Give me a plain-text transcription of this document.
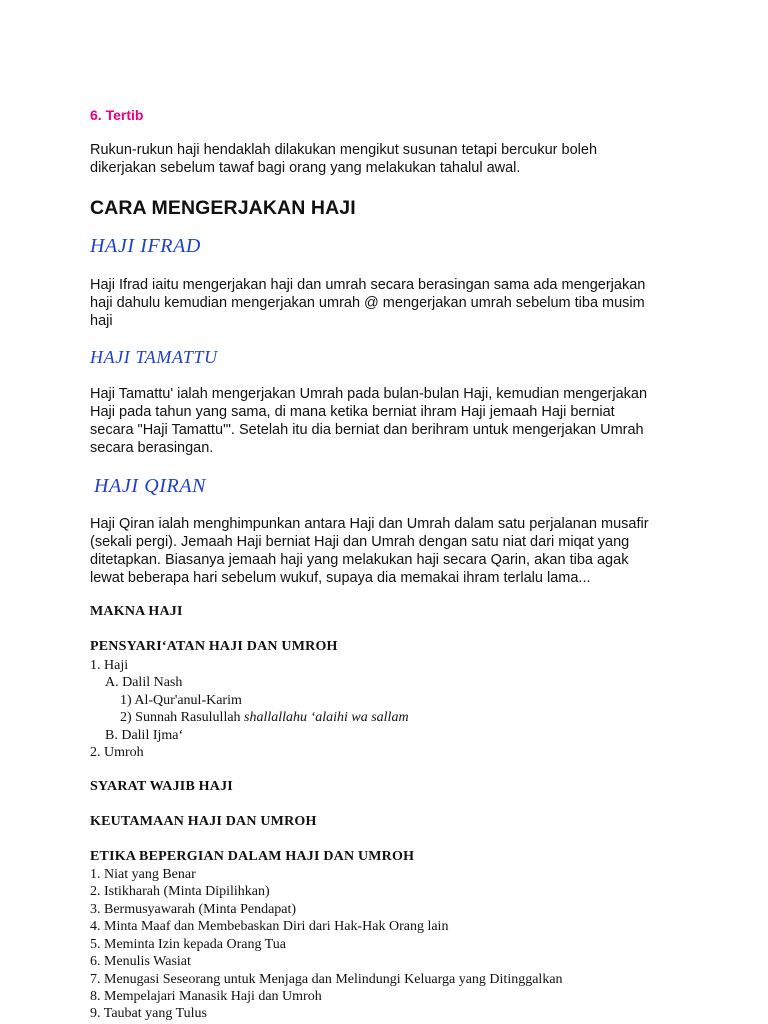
6. Tertib
Rukun-rukun haji hendaklah dilakukan mengikut susunan tetapi bercukur boleh
dikerjakan sebelum tawaf bagi orang yang melakukan tahalul awal.
CARA MENGERJAKAN HAJI
HAJI IFRAD
Haji Ifrad iaitu mengerjakan haji dan umrah secara berasingan sama ada mengerjakan
haji dahulu kemudian mengerjakan umrah @ mengerjakan umrah sebelum tiba musim
haji
HAJI TAMATTU
Haji Tamattu' ialah mengerjakan Umrah pada bulan-bulan Haji, kemudian mengerjakan
Haji pada tahun yang sama, di mana ketika berniat ihram Haji jemaah Haji berniat
secara "Haji Tamattu'". Setelah itu dia berniat dan berihram untuk mengerjakan Umrah
secara berasingan.
HAJI QIRAN
Haji Qiran ialah menghimpunkan antara Haji dan Umrah dalam satu perjalanan musafir
(sekali pergi). Jemaah Haji berniat Haji dan Umrah dengan satu niat dari miqat yang
ditetapkan. Biasanya jemaah haji yang melakukan haji secara Qarin, akan tiba agak
lewat beberapa hari sebelum wukuf, supaya dia memakai ihram terlalu lama...
MAKNA HAJI
PENSYARI‘ATAN HAJI DAN UMROH
1. Haji
A. Dalil Nash
1) Al-Qur'anul-Karim
2) Sunnah Rasulullah shallallahu ‘alaihi wa sallam
B. Dalil Ijma‘
2. Umroh
SYARAT WAJIB HAJI
KEUTAMAAN HAJI DAN UMROH
ETIKA BEPERGIAN DALAM HAJI DAN UMROH
1. Niat yang Benar
2. Istikharah (Minta Dipilihkan)
3. Bermusyawarah (Minta Pendapat)
4. Minta Maaf dan Membebaskan Diri dari Hak-Hak Orang lain
5. Meminta Izin kepada Orang Tua
6. Menulis Wasiat
7. Menugasi Seseorang untuk Menjaga dan Melindungi Keluarga yang Ditinggalkan
8. Mempelajari Manasik Haji dan Umroh
9. Taubat yang Tulus
